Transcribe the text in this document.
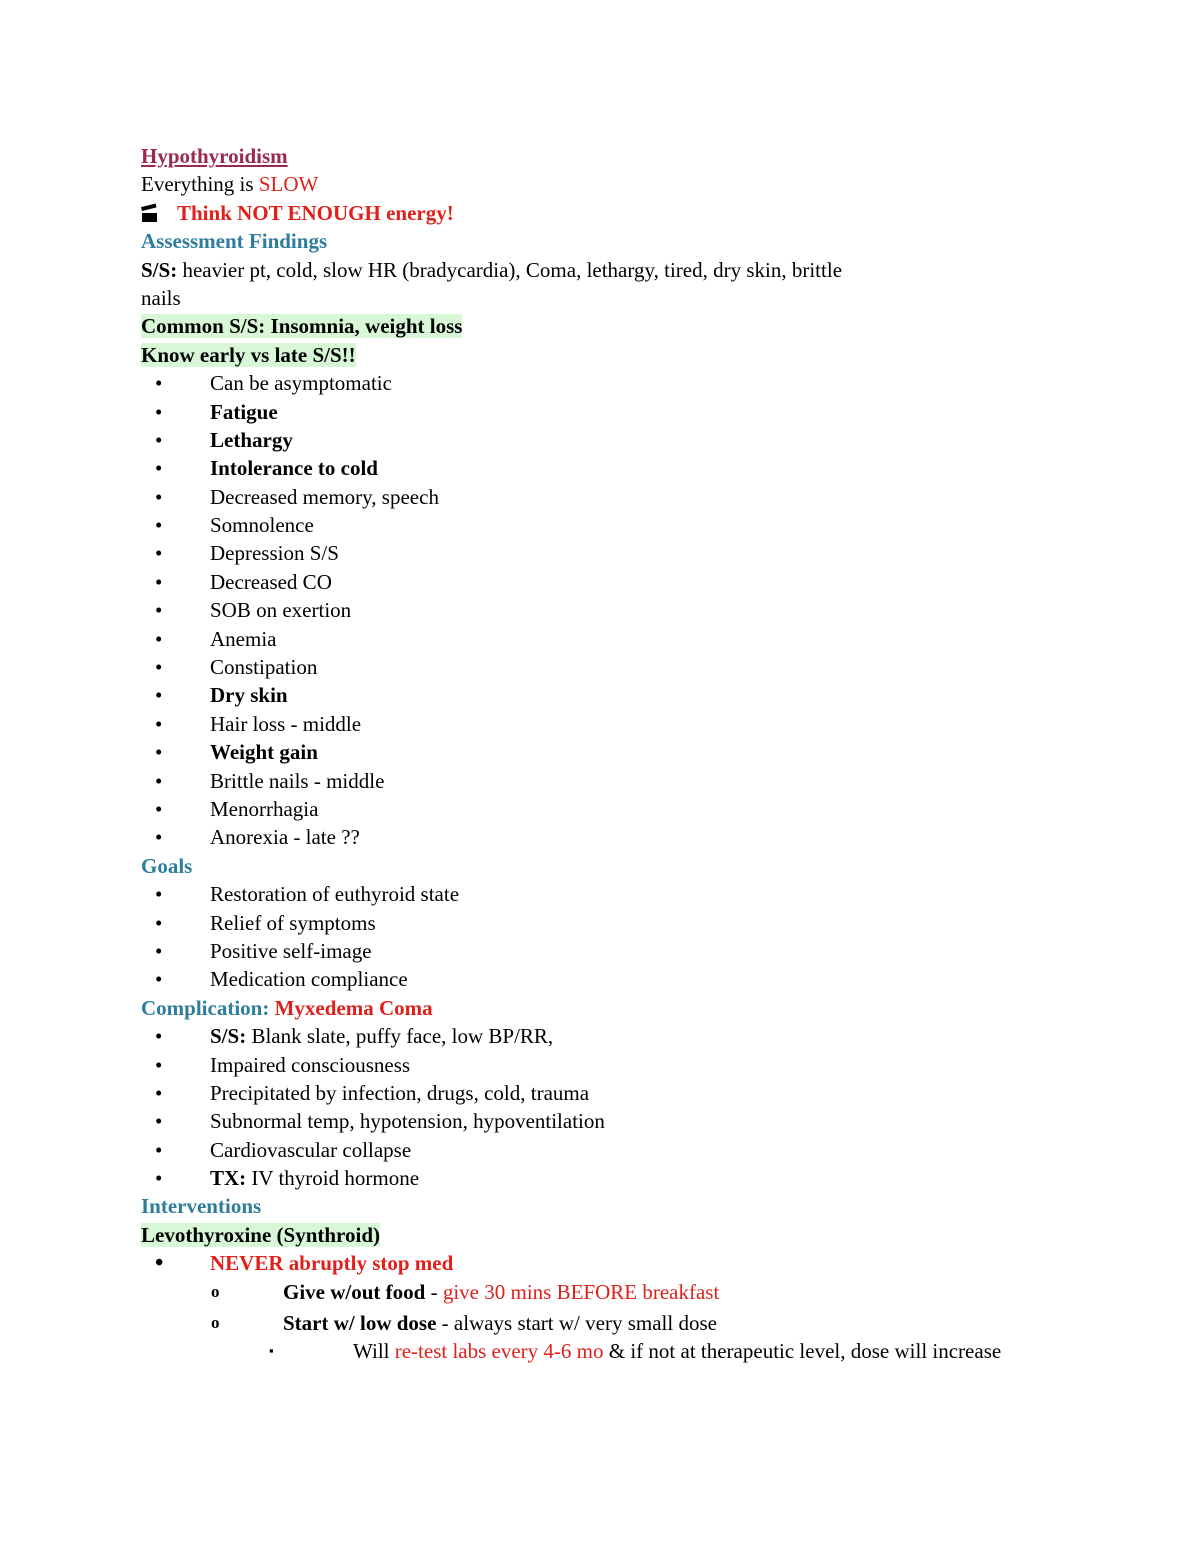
Hypothyroidism
Everything is SLOW
Think NOT ENOUGH energy!
Assessment Findings
S/S: heavier pt, cold, slow HR (bradycardia), Coma, lethargy, tired, dry skin, brittle
nails
Common S/S: Insomnia, weight loss
Know early vs late S/S!!
• Can be asymptomatic
• Fatigue
• Lethargy
• Intolerance to cold
• Decreased memory, speech
• Somnolence
• Depression S/S
• Decreased CO
• SOB on exertion
• Anemia
• Constipation
• Dry skin
• Hair loss - middle
• Weight gain
• Brittle nails - middle
• Menorrhagia
• Anorexia - late ??
Goals
• Restoration of euthyroid state
• Relief of symptoms
• Positive self-image
• Medication compliance
Complication: Myxedema Coma
• S/S: Blank slate, puffy face, low BP/RR,
• Impaired consciousness
• Precipitated by infection, drugs, cold, trauma
• Subnormal temp, hypotension, hypoventilation
• Cardiovascular collapse
• TX: IV thyroid hormone
Interventions
Levothyroxine (Synthroid)
• NEVER abruptly stop med
o	Give w/out food - give 30 mins BEFORE breakfast
o	Start w/ low dose - always start w/ very small dose
▪	Will re-test labs every 4-6 mo & if not at therapeutic level, dose will increase
